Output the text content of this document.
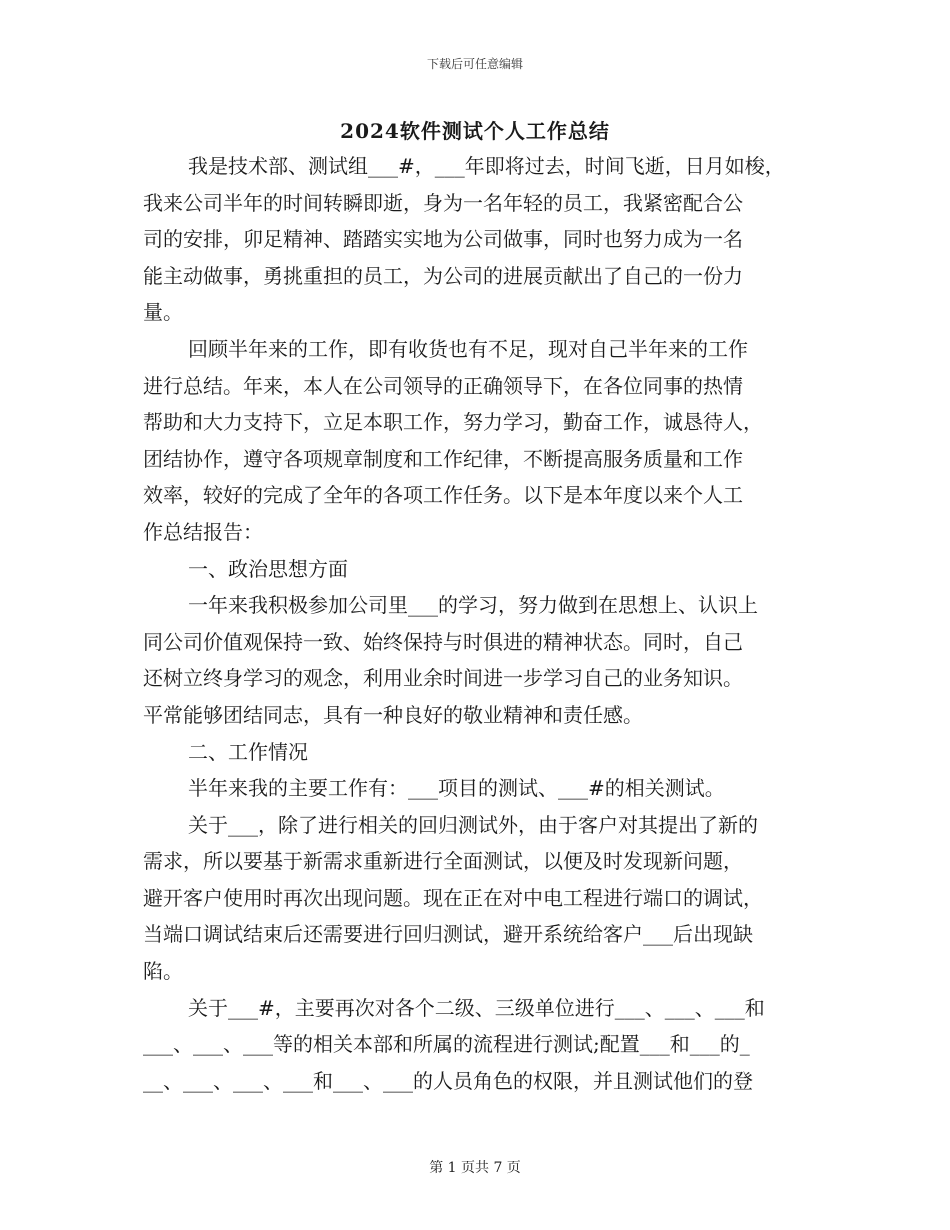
下载后可任意编辑
2024软件测试个人工作总结
我是技术部、测试组___#，___年即将过去，时间飞逝，日月如梭，
我来公司半年的时间转瞬即逝，身为一名年轻的员工，我紧密配合公
司的安排，卯足精神、踏踏实实地为公司做事，同时也努力成为一名
能主动做事，勇挑重担的员工，为公司的进展贡献出了自己的一份力
量。
回顾半年来的工作，即有收货也有不足，现对自己半年来的工作
进行总结。年来，本人在公司领导的正确领导下，在各位同事的热情
帮助和大力支持下，立足本职工作，努力学习，勤奋工作，诚恳待人，
团结协作，遵守各项规章制度和工作纪律，不断提高服务质量和工作
效率，较好的完成了全年的各项工作任务。以下是本年度以来个人工
作总结报告：
一、政治思想方面
一年来我积极参加公司里___的学习，努力做到在思想上、认识上
同公司价值观保持一致、始终保持与时俱进的精神状态。同时，自己
还树立终身学习的观念，利用业余时间进一步学习自己的业务知识。
平常能够团结同志，具有一种良好的敬业精神和责任感。
二、工作情况
半年来我的主要工作有：___项目的测试、___#的相关测试。
关于___，除了进行相关的回归测试外，由于客户对其提出了新的
需求，所以要基于新需求重新进行全面测试，以便及时发现新问题，
避开客户使用时再次出现问题。现在正在对中电工程进行端口的调试，
当端口调试结束后还需要进行回归测试，避开系统给客户___后出现缺
陷。
关于___#，主要再次对各个二级、三级单位进行___、___、___和
___、___、___等的相关本部和所属的流程进行测试;配置___和___的_
__、___、___、___和___、___的人员角色的权限，并且测试他们的登
第 1 页共 7 页
